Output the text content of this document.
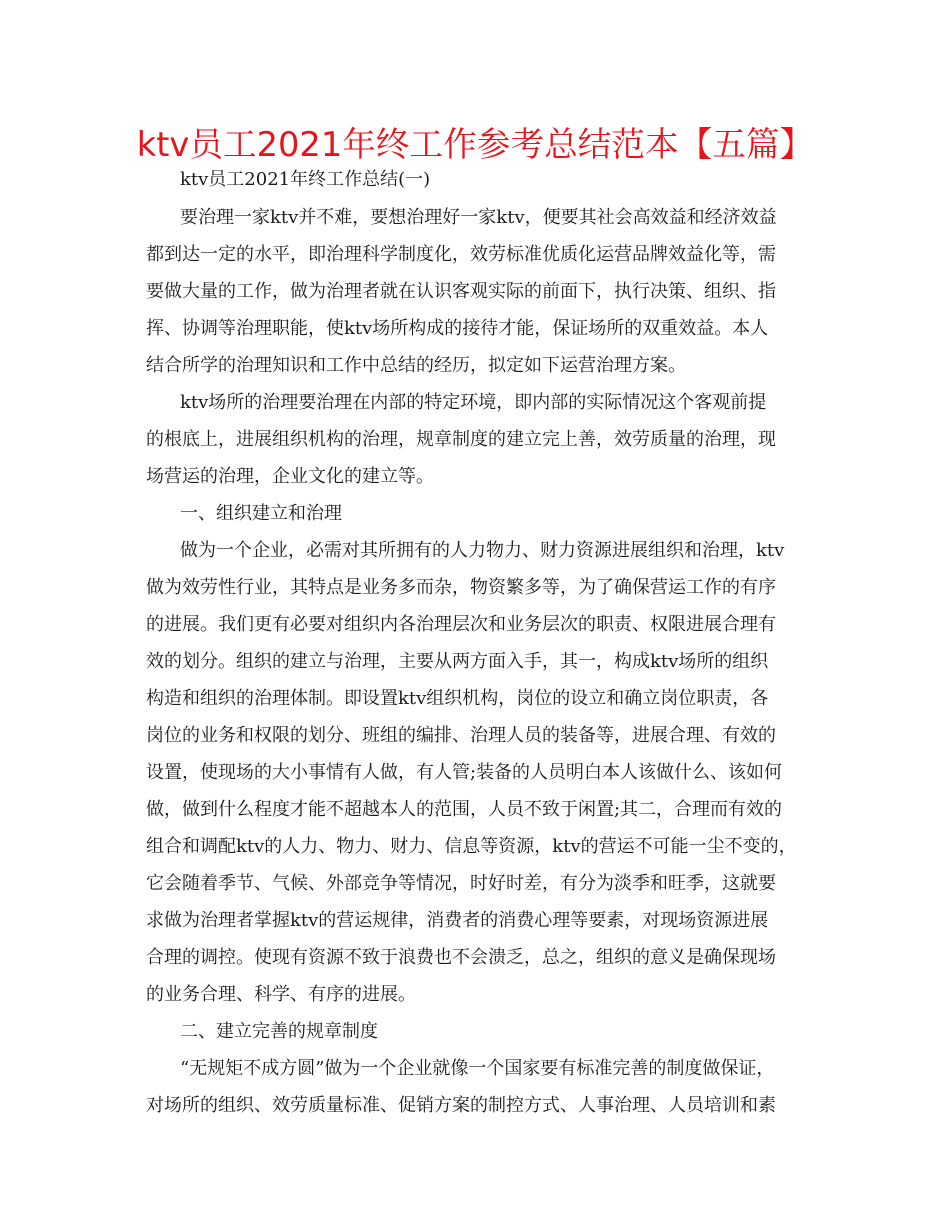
ktv员工2021年终工作参考总结范本【五篇】
ktv员工2021年终工作总结(一)
要治理一家ktv并不难，要想治理好一家ktv，便要其社会高效益和经济效益
都到达一定的水平，即治理科学制度化，效劳标准优质化运营品牌效益化等，需
要做大量的工作，做为治理者就在认识客观实际的前面下，执行决策、组织、指
挥、协调等治理职能，使ktv场所构成的接待才能，保证场所的双重效益。本人
结合所学的治理知识和工作中总结的经历，拟定如下运营治理方案。
ktv场所的治理要治理在内部的特定环境，即内部的实际情况这个客观前提
的根底上，进展组织机构的治理，规章制度的建立完上善，效劳质量的治理，现
场营运的治理，企业文化的建立等。
一、组织建立和治理
做为一个企业，必需对其所拥有的人力物力、财力资源进展组织和治理，ktv
做为效劳性行业，其特点是业务多而杂，物资繁多等，为了确保营运工作的有序
的进展。我们更有必要对组织内各治理层次和业务层次的职责、权限进展合理有
效的划分。组织的建立与治理，主要从两方面入手，其一，构成ktv场所的组织
构造和组织的治理体制。即设置ktv组织机构，岗位的设立和确立岗位职责，各
岗位的业务和权限的划分、班组的编排、治理人员的装备等，进展合理、有效的
设置，使现场的大小事情有人做，有人管;装备的人员明白本人该做什么、该如何
做，做到什么程度才能不超越本人的范围，人员不致于闲置;其二，合理而有效的
组合和调配ktv的人力、物力、财力、信息等资源，ktv的营运不可能一尘不变的，
它会随着季节、气候、外部竞争等情况，时好时差，有分为淡季和旺季，这就要
求做为治理者掌握ktv的营运规律，消费者的消费心理等要素，对现场资源进展
合理的调控。使现有资源不致于浪费也不会溃乏，总之，组织的意义是确保现场
的业务合理、科学、有序的进展。
二、建立完善的规章制度
“无规矩不成方圆”做为一个企业就像一个国家要有标准完善的制度做保证，
对场所的组织、效劳质量标准、促销方案的制控方式、人事治理、人员培训和素
